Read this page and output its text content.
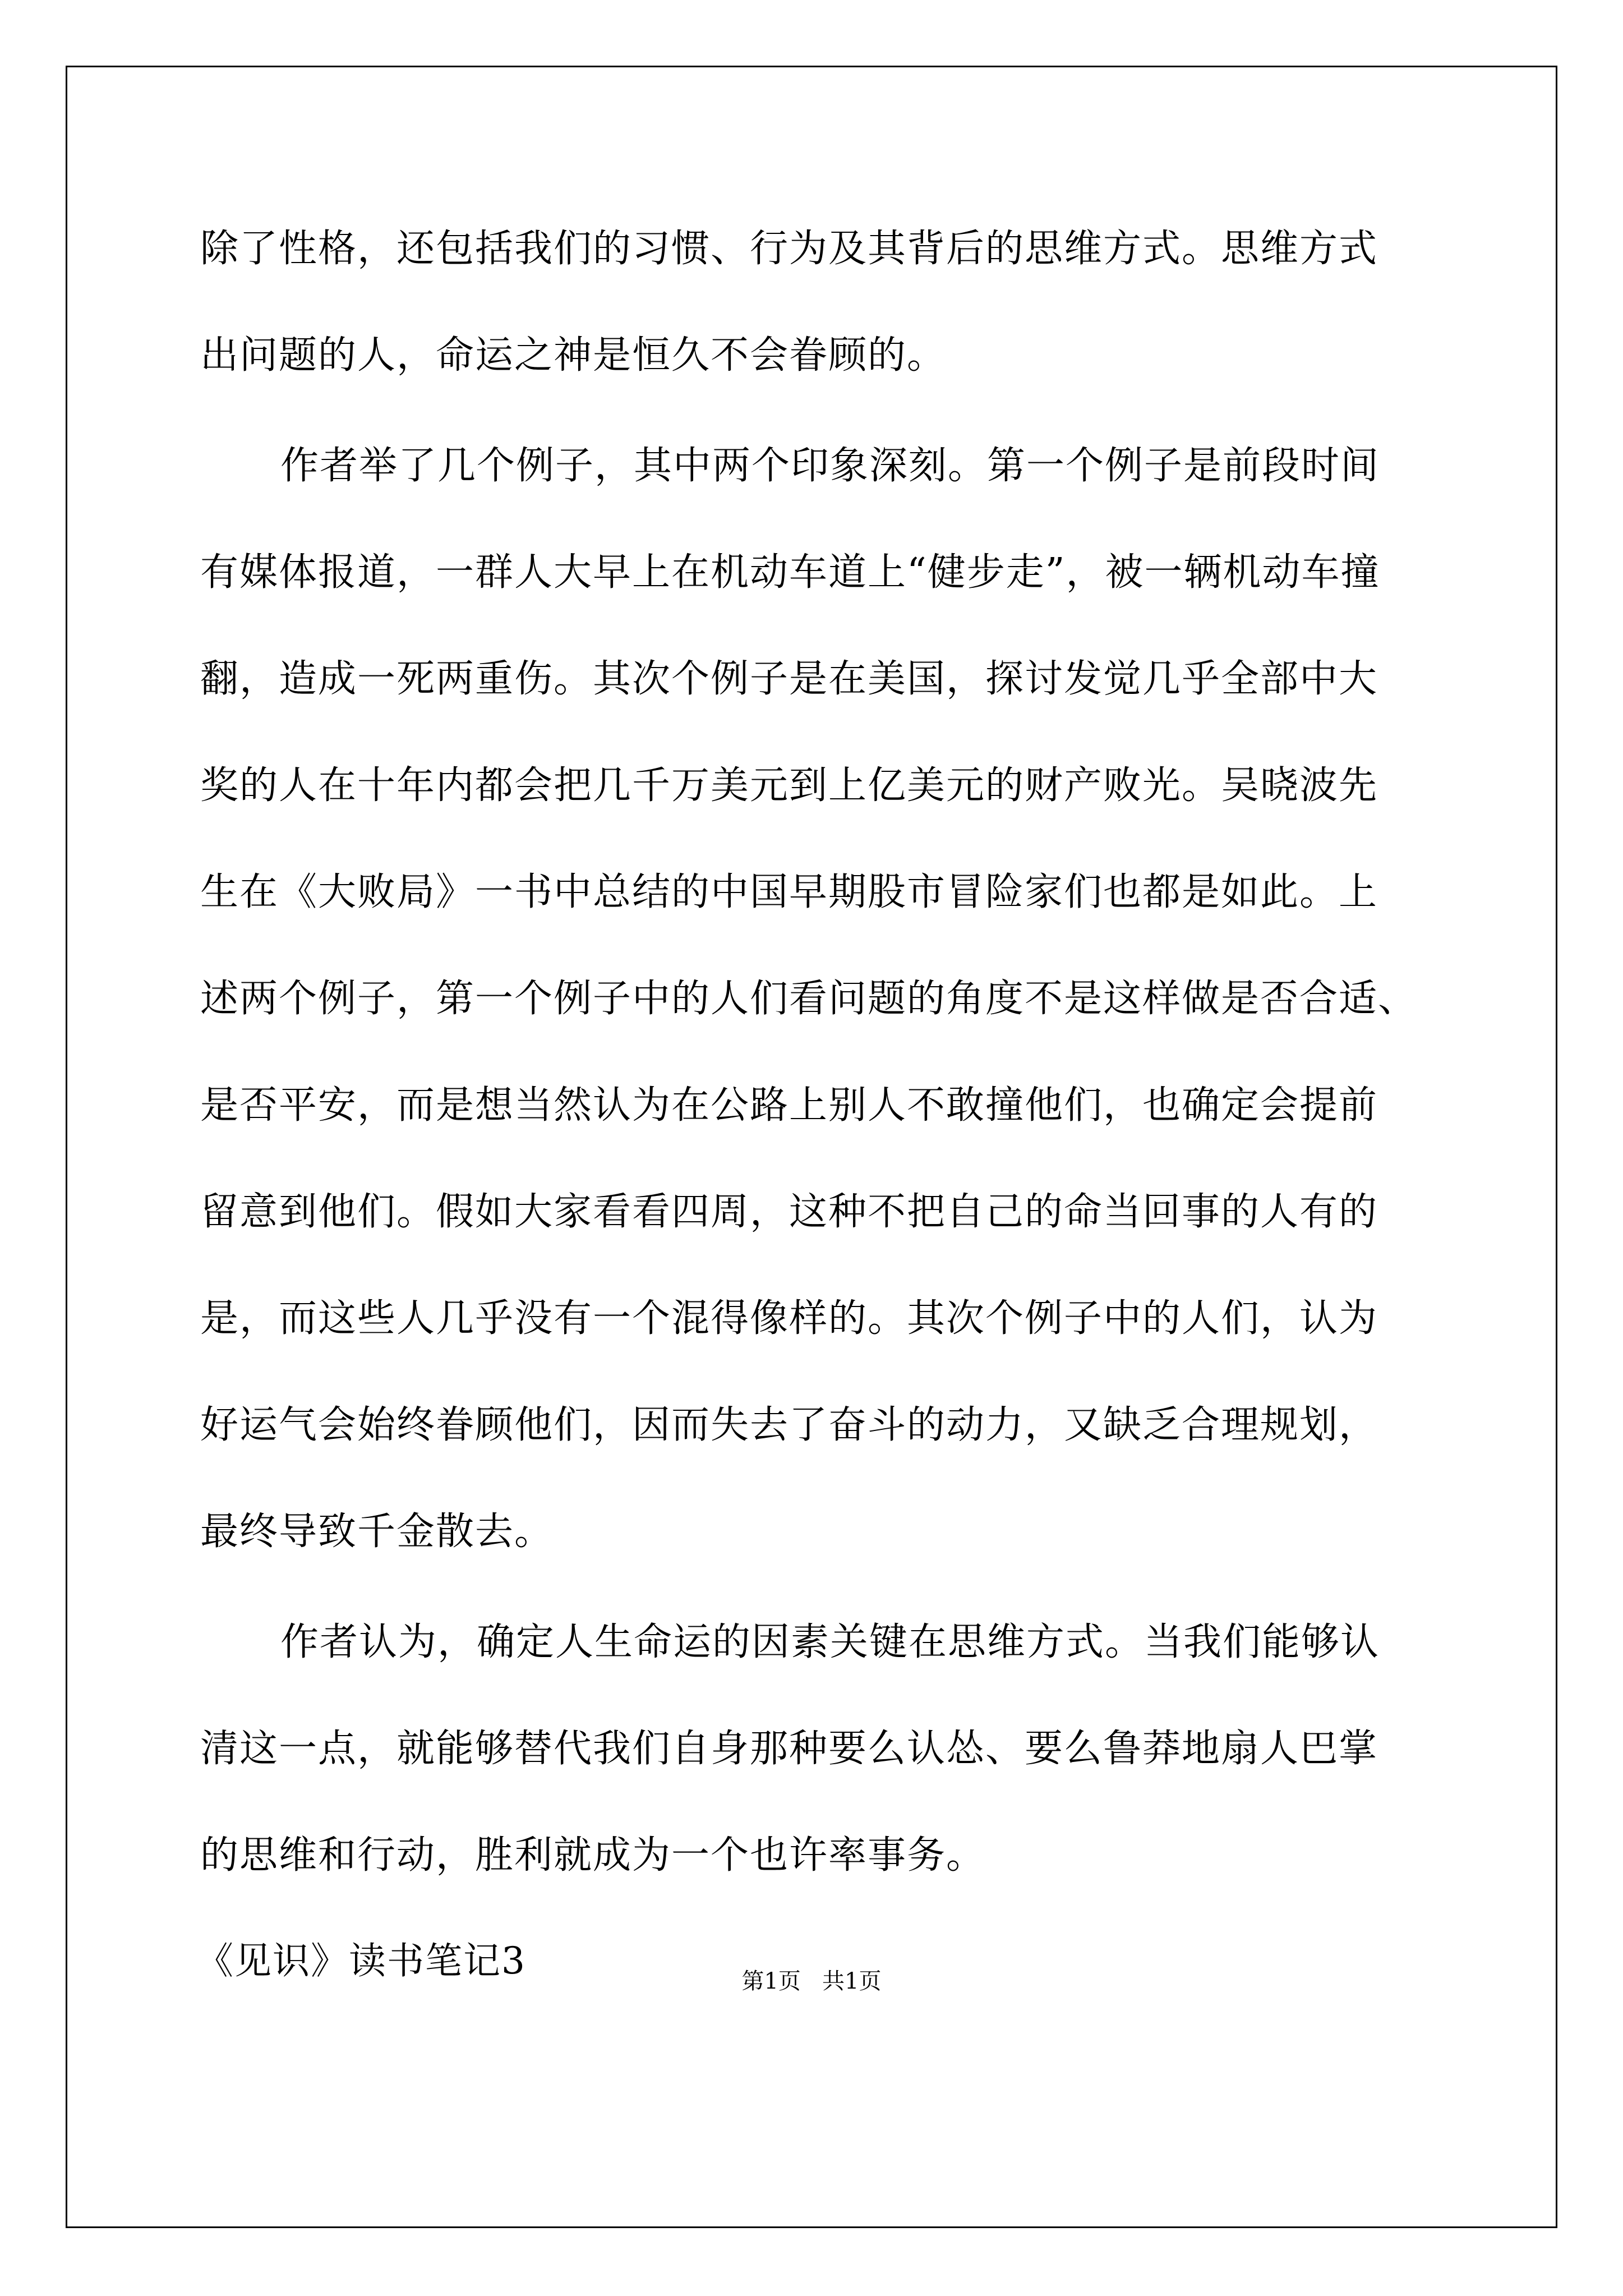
除了性格，还包括我们的习惯、行为及其背后的思维方式。思维方式
出问题的人，命运之神是恒久不会眷顾的。
作者举了几个例子，其中两个印象深刻。第一个例子是前段时间
有媒体报道，一群人大早上在机动车道上“健步走”，被一辆机动车撞
翻，造成一死两重伤。其次个例子是在美国，探讨发觉几乎全部中大
奖的人在十年内都会把几千万美元到上亿美元的财产败光。吴晓波先
生在《大败局》一书中总结的中国早期股市冒险家们也都是如此。上
述两个例子，第一个例子中的人们看问题的角度不是这样做是否合适、
是否平安，而是想当然认为在公路上别人不敢撞他们，也确定会提前
留意到他们。假如大家看看四周，这种不把自己的命当回事的人有的
是，而这些人几乎没有一个混得像样的。其次个例子中的人们，认为
好运气会始终眷顾他们，因而失去了奋斗的动力，又缺乏合理规划，
最终导致千金散去。
作者认为，确定人生命运的因素关键在思维方式。当我们能够认
清这一点，就能够替代我们自身那种要么认怂、要么鲁莽地扇人巴掌
的思维和行动，胜利就成为一个也许率事务。
《见识》读书笔记3	第1页   共1页
